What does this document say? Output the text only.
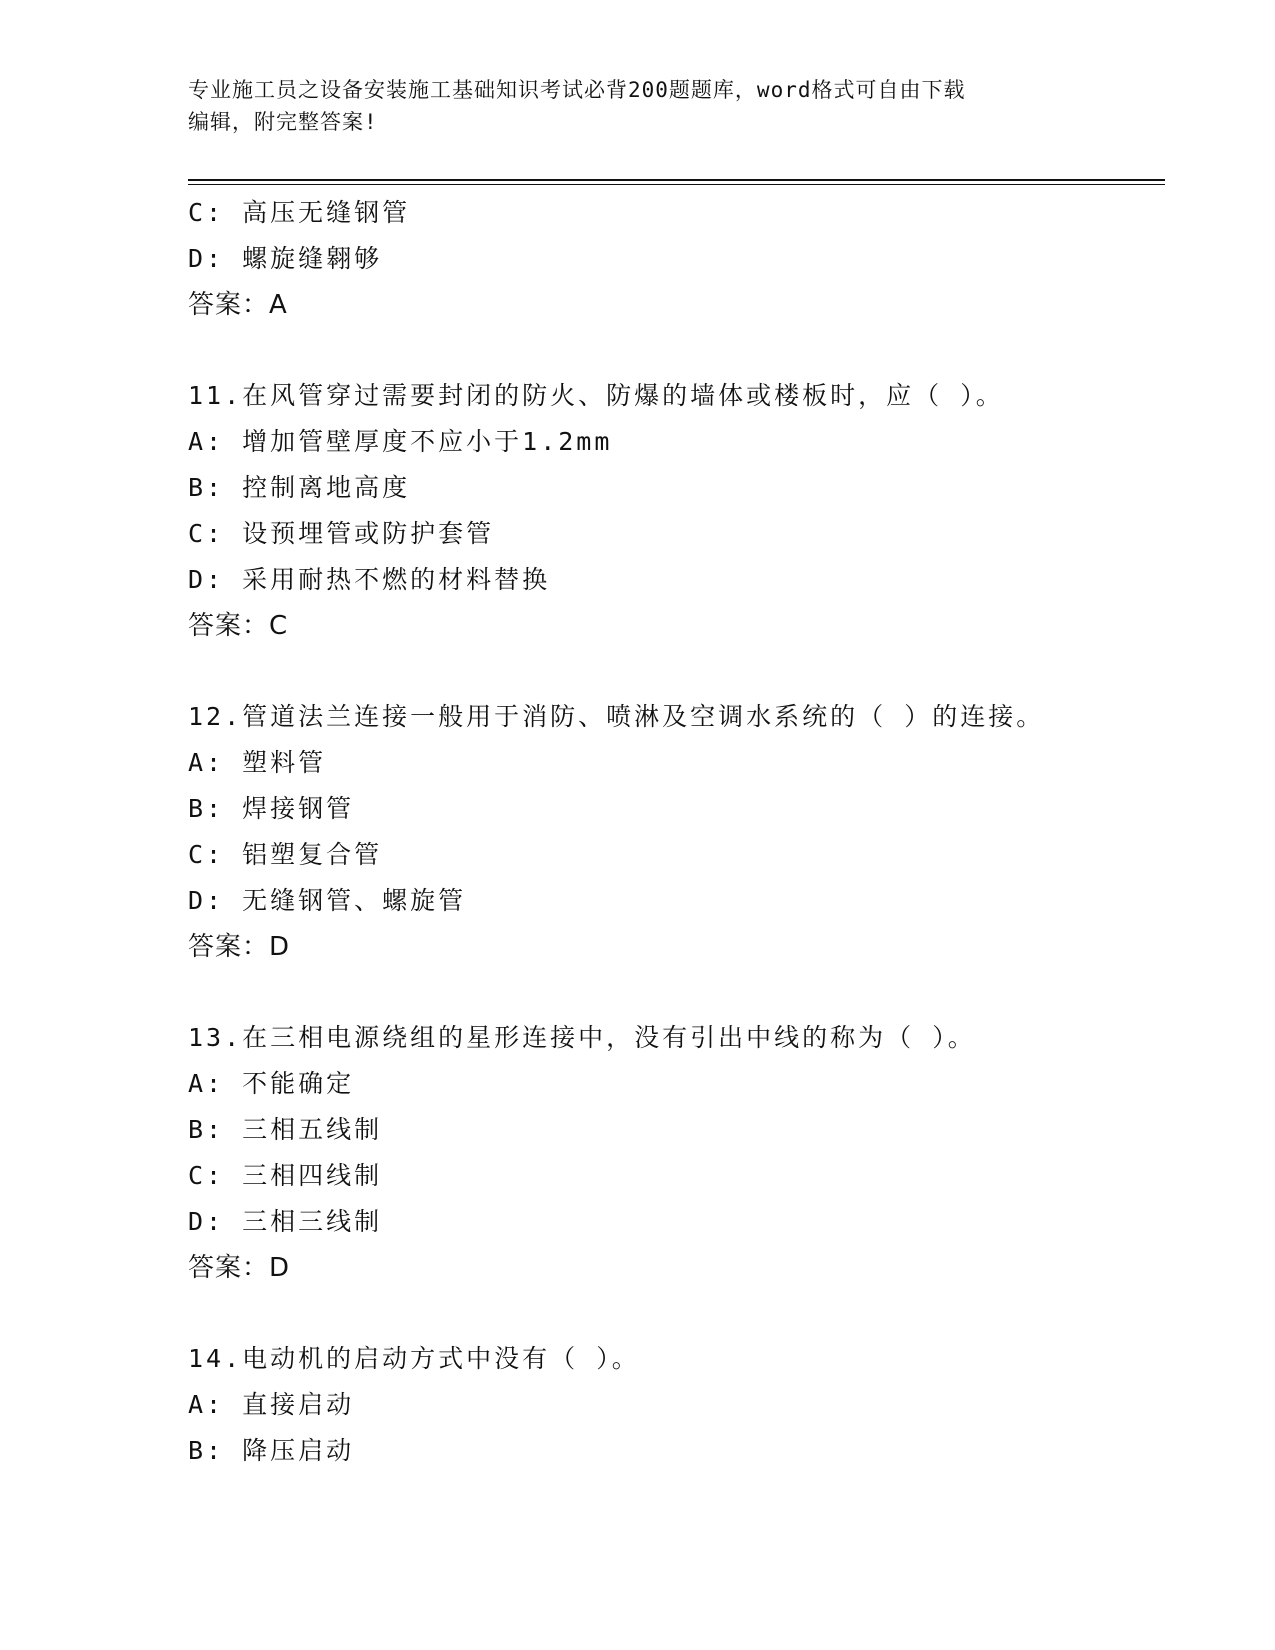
专业施工员之设备安装施工基础知识考试必背200题题库，word格式可自由下载
编辑，附完整答案!
C: 高压无缝钢管
D: 螺旋缝翱够
答案：A
11.在风管穿过需要封闭的防火、防爆的墙体或楼板时，应（ ）。
A: 增加管壁厚度不应小于1.2mm
B: 控制离地高度
C: 设预埋管或防护套管
D: 采用耐热不燃的材料替换
答案：C
12.管道法兰连接一般用于消防、喷淋及空调水系统的（ ）的连接。
A: 塑料管
B: 焊接钢管
C: 铝塑复合管
D: 无缝钢管、螺旋管
答案：D
13.在三相电源绕组的星形连接中，没有引出中线的称为（ ）。
A: 不能确定
B: 三相五线制
C: 三相四线制
D: 三相三线制
答案：D
14.电动机的启动方式中没有（ ）。
A: 直接启动
B: 降压启动
